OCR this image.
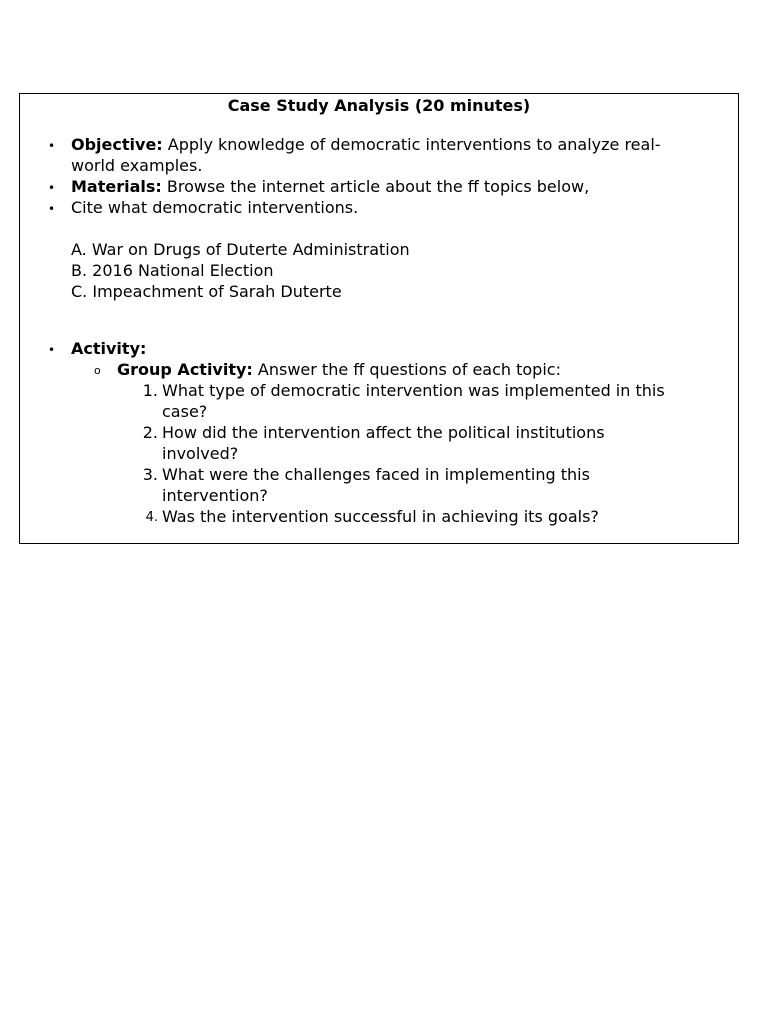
Case Study Analysis (20 minutes)
• Objective: Apply knowledge of democratic interventions to analyze real-
world examples.
• Materials: Browse the internet article about the ff topics below,
• Cite what democratic interventions.
A. War on Drugs of Duterte Administration
B. 2016 National Election
C. Impeachment of Sarah Duterte
• Activity:
o Group Activity: Answer the ff questions of each topic:
1. What type of democratic intervention was implemented in this
case?
2. How did the intervention affect the political institutions
involved?
3. What were the challenges faced in implementing this
intervention?
4. Was the intervention successful in achieving its goals?
